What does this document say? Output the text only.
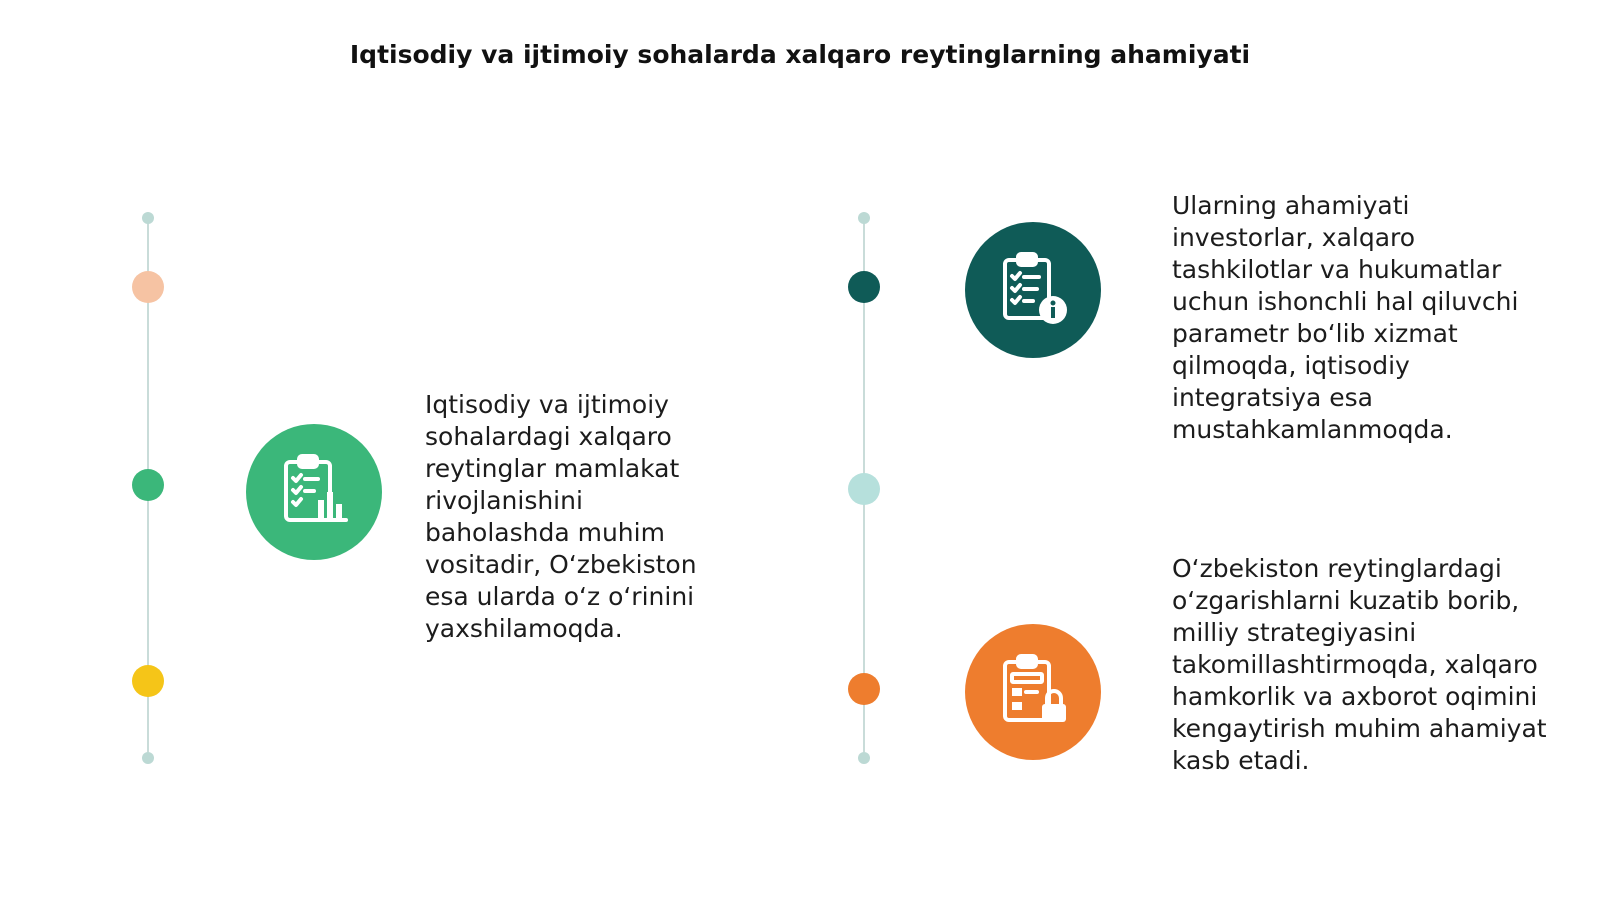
Iqtisodiy va ijtimoiy sohalarda xalqaro reytinglarning ahamiyati
Iqtisodiy va ijtimoiy sohalardagi xalqaro reytinglar mamlakat rivojlanishini baholashda muhim vositadir, O‘zbekiston esa ularda o‘z o‘rinini yaxshilamoqda.
Ularning ahamiyati investorlar, xalqaro tashkilotlar va hukumatlar uchun ishonchli hal qiluvchi parametr bo‘lib xizmat qilmoqda, iqtisodiy integratsiya esa mustahkamlanmoqda.
O‘zbekiston reytinglardagi o‘zgarishlarni kuzatib borib, milliy strategiyasini takomillashtirmoqda, xalqaro hamkorlik va axborot oqimini kengaytirish muhim ahamiyat kasb etadi.
